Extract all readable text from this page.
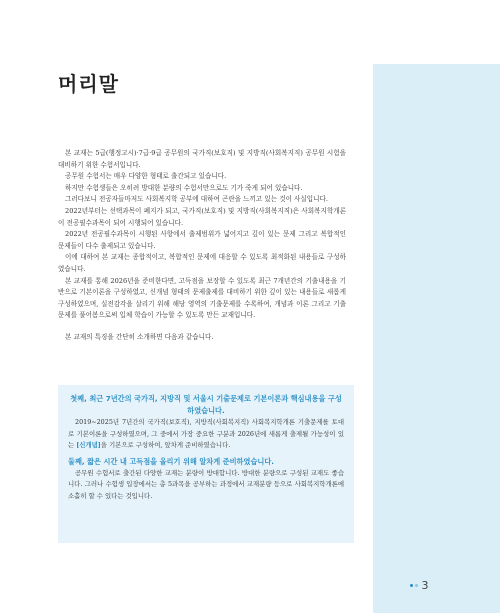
머리말

본 교재는 5급(행정고시)·7급·9급 공무원의 국가직(보호직) 및 지방직(사회복지직) 공무원 시험을 대비하기 위한 수험서입니다.

공무원 수험서는 매우 다양한 형태로 출간되고 있습니다.

하지만 수험생들은 오히려 방대한 분량의 수험서만으로도 기가 죽게 되어 있습니다.

그러다보니 전공자들마저도 사회복지학 공부에 대하여 곤란을 느끼고 있는 것이 사실입니다.

2022년부터는 선택과목이 폐지가 되고, 국가직(보호직) 및 지방직(사회복지직)은 사회복지학개론이 전공필수과목이 되어 시행되어 있습니다.

2022년 전공필수과목이 시행된 사항에서 출제범위가 넓어지고 깊이 있는 문제 그리고 복합적인 문제들이 다수 출제되고 있습니다.

이에 대하여 본 교재는 종합적이고, 복합적인 문제에 대응할 수 있도록 최적화된 내용들로 구성하였습니다.

본 교재를 통해 2026년을 준비한다면, 고득점을 보장할 수 있도록 최근 7개년간의 기출내용을 기반으로 기본이론을 구성하였고, 신개념 형태의 문제출제를 대비하기 위한 깊이 있는 내용들로 새롭게 구성하였으며, 실전감각을 살리기 위해 해당 영역의 기출문제를 수록하여, 개념과 이론 그리고 기출문제를 풀어봄으로써 입체 학습이 가능할 수 있도록 만든 교재입니다.

본 교재의 특징을 간단히 소개하면 다음과 같습니다.

첫째, 최근 7년간의 국가직, 지방직 및 서울시 기출문제로 기본이론과 핵심내용을 구성하였습니다.

2019~2025년 7년간의 국가직(보호직), 지방직(사회복지직) 사회복지학개론 기출문제를 토대로 기본이론을 구성하였으며, 그 중에서 가장 중요한 구분과 2026년에 새롭게 출제될 가능성이 있는 [신개념]을 기본으로 구성하여, 앞차게 준비하였습니다.

둘째, 짧은 시간 내 고득점을 올리기 위해 알차게 준비하였습니다.

공무원 수험서로 출간된 다양한 교재는 분량이 방대합니다. 방대한 분량으로 구성된 교재도 좋습니다. 그러나 수험생 입장에서는 총 5과목을 공부하는 과정에서 교재분량 등으로 사회복지학개론에 소홀히 할 수 있다는 것입니다.

3
